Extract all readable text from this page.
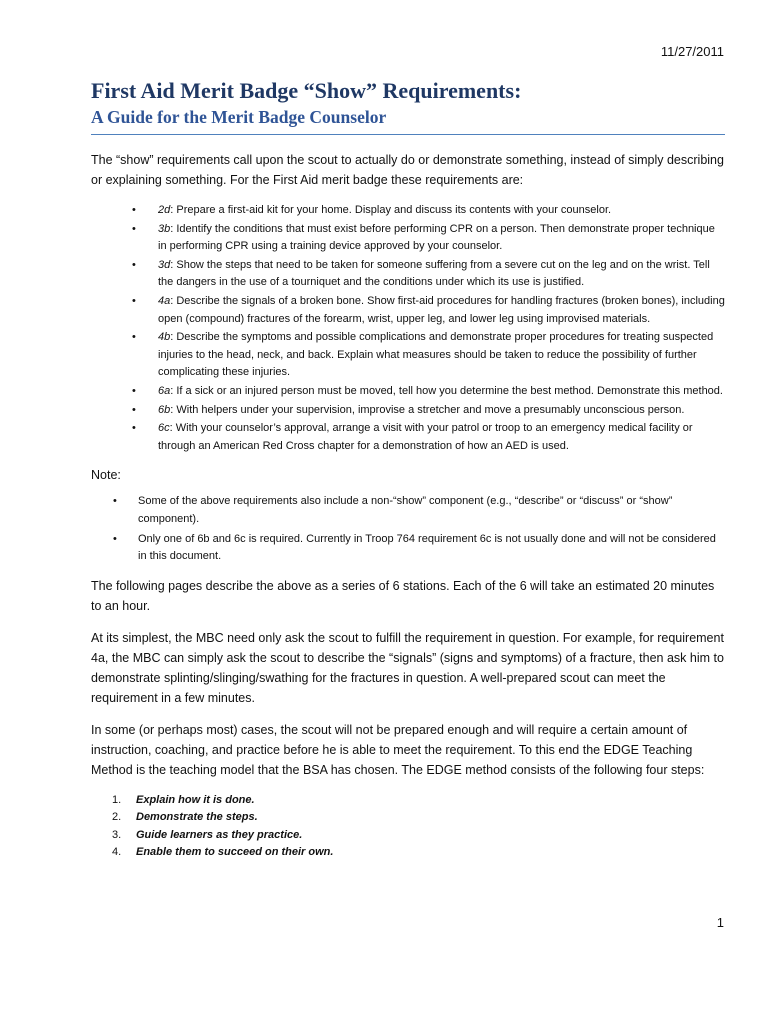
11/27/2011
First Aid Merit Badge “Show” Requirements:
A Guide for the Merit Badge Counselor

The “show” requirements call upon the scout to actually do or demonstrate something, instead of simply describing or explaining something. For the First Aid merit badge these requirements are:

• 2d: Prepare a first-aid kit for your home. Display and discuss its contents with your counselor.
• 3b: Identify the conditions that must exist before performing CPR on a person. Then demonstrate proper technique in performing CPR using a training device approved by your counselor.
• 3d: Show the steps that need to be taken for someone suffering from a severe cut on the leg and on the wrist. Tell the dangers in the use of a tourniquet and the conditions under which its use is justified.
• 4a: Describe the signals of a broken bone. Show first-aid procedures for handling fractures (broken bones), including open (compound) fractures of the forearm, wrist, upper leg, and lower leg using improvised materials.
• 4b: Describe the symptoms and possible complications and demonstrate proper procedures for treating suspected injuries to the head, neck, and back. Explain what measures should be taken to reduce the possibility of further complicating these injuries.
• 6a: If a sick or an injured person must be moved, tell how you determine the best method. Demonstrate this method.
• 6b: With helpers under your supervision, improvise a stretcher and move a presumably unconscious person.
• 6c: With your counselor’s approval, arrange a visit with your patrol or troop to an emergency medical facility or through an American Red Cross chapter for a demonstration of how an AED is used.

Note:

• Some of the above requirements also include a non-“show” component (e.g., “describe” or “discuss” or “show” component).
• Only one of 6b and 6c is required. Currently in Troop 764 requirement 6c is not usually done and will not be considered in this document.

The following pages describe the above as a series of 6 stations. Each of the 6 will take an estimated 20 minutes to an hour.

At its simplest, the MBC need only ask the scout to fulfill the requirement in question. For example, for requirement 4a, the MBC can simply ask the scout to describe the “signals” (signs and symptoms) of a fracture, then ask him to demonstrate splinting/slinging/swathing for the fractures in question. A well-prepared scout can meet the requirement in a few minutes.

In some (or perhaps most) cases, the scout will not be prepared enough and will require a certain amount of instruction, coaching, and practice before he is able to meet the requirement. To this end the EDGE Teaching Method is the teaching model that the BSA has chosen. The EDGE method consists of the following four steps:

1. Explain how it is done.
2. Demonstrate the steps.
3. Guide learners as they practice.
4. Enable them to succeed on their own.
1
